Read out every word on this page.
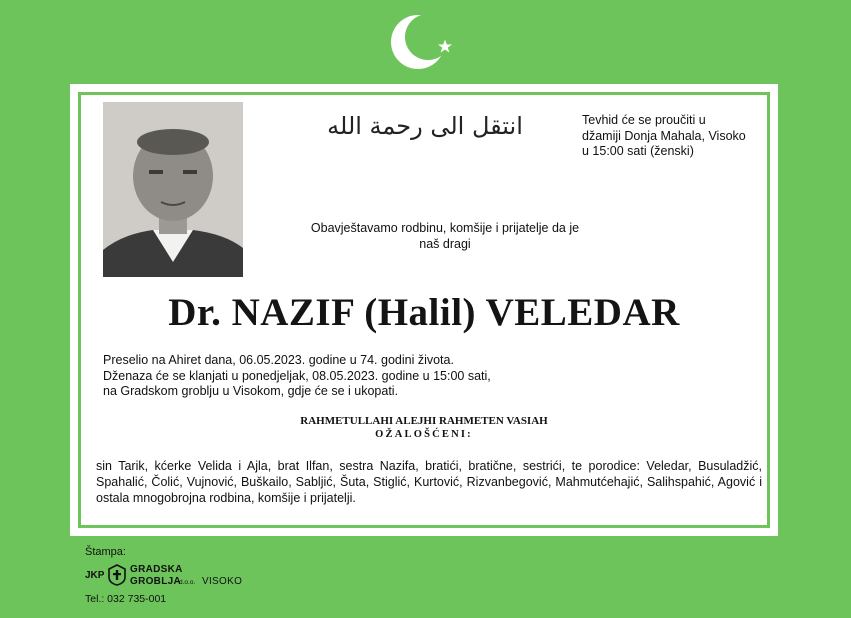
انتقل الى رحمة الله	Tevhid će se proučiti u
džamiji Donja Mahala, Visoko
u 15:00 sati (ženski)
Obavještavamo rodbinu, komšije i prijatelje da je
naš dragi
Dr. NAZIF (Halil) VELEDAR
Preselio na Ahiret dana, 06.05.2023. godine u 74. godini života.
Dženaza će se klanjati u ponedjeljak, 08.05.2023. godine u 15:00 sati,
na Gradskom groblju u Visokom, gdje će se i ukopati.
RAHMETULLAHI ALEJHI RAHMETEN VASIAH
OŽALOŠĆENI:
sin Tarik, kćerke Velida i Ajla, brat Ilfan, sestra Nazifa, bratići, bratične, sestrići, te porodice: Veledar, Busuladžić, Spahalić, Čolić, Vujnović, Buškailo, Sabljić, Šuta, Stiglić, Kurtović, Rizvanbegović, Mahmutćehajić, Salihspahić, Agović i ostala mnogobrojna rodbina, komšije i prijatelji.
Štampa:
JKP
GRADSKA
GROBLJA
d.o.o. VISOKO
Tel.: 032 735-001
